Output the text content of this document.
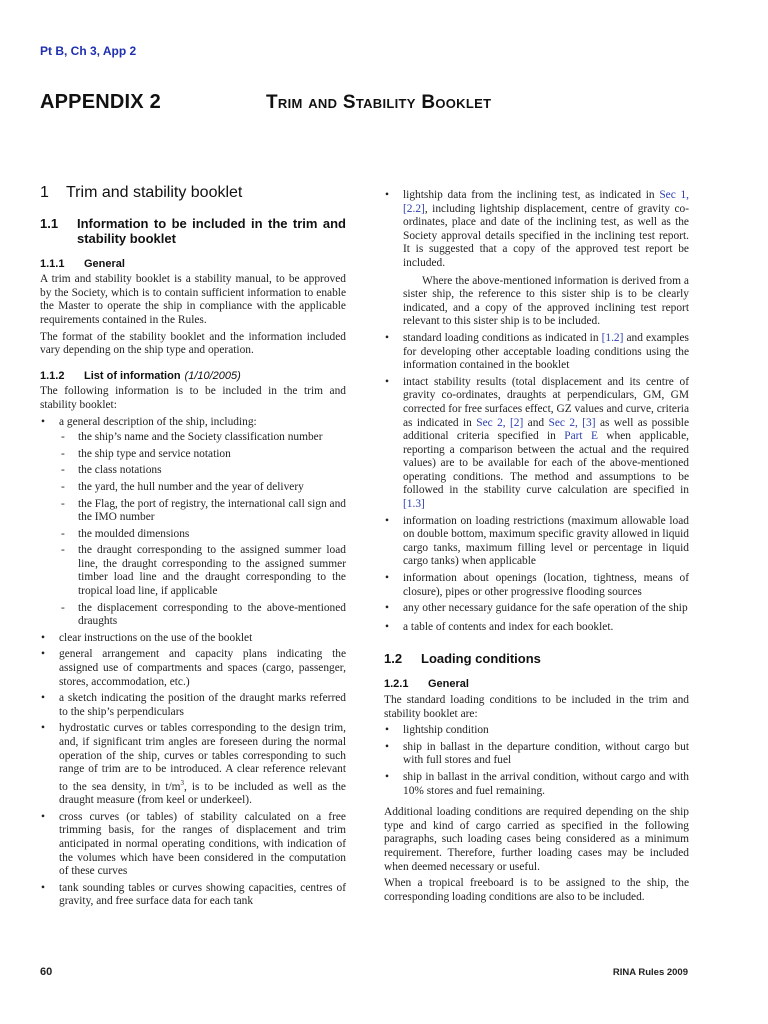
Pt B, Ch 3, App 2
APPENDIX 2	Trim and Stability Booklet
1	Trim and stability booklet
1.1	Information to be included in the trim and stability booklet
1.1.1	General

A trim and stability booklet is a stability manual, to be approved by the Society, which is to contain sufficient information to enable the Master to operate the ship in compliance with the applicable requirements contained in the Rules.

The format of the stability booklet and the information included vary depending on the ship type and operation.

1.1.2	List of information (1/10/2005)

The following information is to be included in the trim and stability booklet:

• a general description of the ship, including:
- the ship’s name and the Society classification number
- the ship type and service notation
- the class notations
- the yard, the hull number and the year of delivery
- the Flag, the port of registry, the international call sign and the IMO number
- the moulded dimensions
- the draught corresponding to the assigned summer load line, the draught corresponding to the assigned summer timber load line and the draught corresponding to the tropical load line, if applicable
- the displacement corresponding to the above-mentioned draughts
• clear instructions on the use of the booklet
• general arrangement and capacity plans indicating the assigned use of compartments and spaces (cargo, passenger, stores, accommodation, etc.)
• a sketch indicating the position of the draught marks referred to the ship’s perpendiculars
• hydrostatic curves or tables corresponding to the design trim, and, if significant trim angles are foreseen during the normal operation of the ship, curves or tables corresponding to such range of trim are to be introduced. A clear reference relevant to the sea density, in $t/m^3$, is to be included as well as the draught measure (from keel or underkeel).
• cross curves (or tables) of stability calculated on a free trimming basis, for the ranges of displacement and trim anticipated in normal operating conditions, with indication of the volumes which have been considered in the computation of these curves
• tank sounding tables or curves showing capacities, centres of gravity, and free surface data for each tank
• lightship data from the inclining test, as indicated in Sec 1, [2.2], including lightship displacement, centre of gravity co-ordinates, place and date of the inclining test, as well as the Society approval details specified in the inclining test report. It is suggested that a copy of the approved test report be included.

Where the above-mentioned information is derived from a sister ship, the reference to this sister ship is to be clearly indicated, and a copy of the approved inclining test report relevant to this sister ship is to be included.

• standard loading conditions as indicated in [1.2] and examples for developing other acceptable loading conditions using the information contained in the booklet
• intact stability results (total displacement and its centre of gravity co-ordinates, draughts at perpendiculars, GM, GM corrected for free surfaces effect, GZ values and curve, criteria as indicated in Sec 2, [2] and Sec 2, [3] as well as possible additional criteria specified in Part E when applicable, reporting a comparison between the actual and the required values) are to be available for each of the above-mentioned operating conditions. The method and assumptions to be followed in the stability curve calculation are specified in [1.3]
• information on loading restrictions (maximum allowable load on double bottom, maximum specific gravity allowed in liquid cargo tanks, maximum filling level or percentage in liquid cargo tanks) when applicable
• information about openings (location, tightness, means of closure), pipes or other progressive flooding sources
• any other necessary guidance for the safe operation of the ship
• a table of contents and index for each booklet.
1.2	Loading conditions
1.2.1	General

The standard loading conditions to be included in the trim and stability booklet are:

• lightship condition
• ship in ballast in the departure condition, without cargo but with full stores and fuel
• ship in ballast in the arrival condition, without cargo and with 10% stores and fuel remaining.

Additional loading conditions are required depending on the ship type and kind of cargo carried as specified in the following paragraphs, such loading cases being considered as a minimum requirement. Therefore, further loading cases may be included when deemed necessary or useful.

When a tropical freeboard is to be assigned to the ship, the corresponding loading conditions are also to be included.

60	RINA Rules 2009
